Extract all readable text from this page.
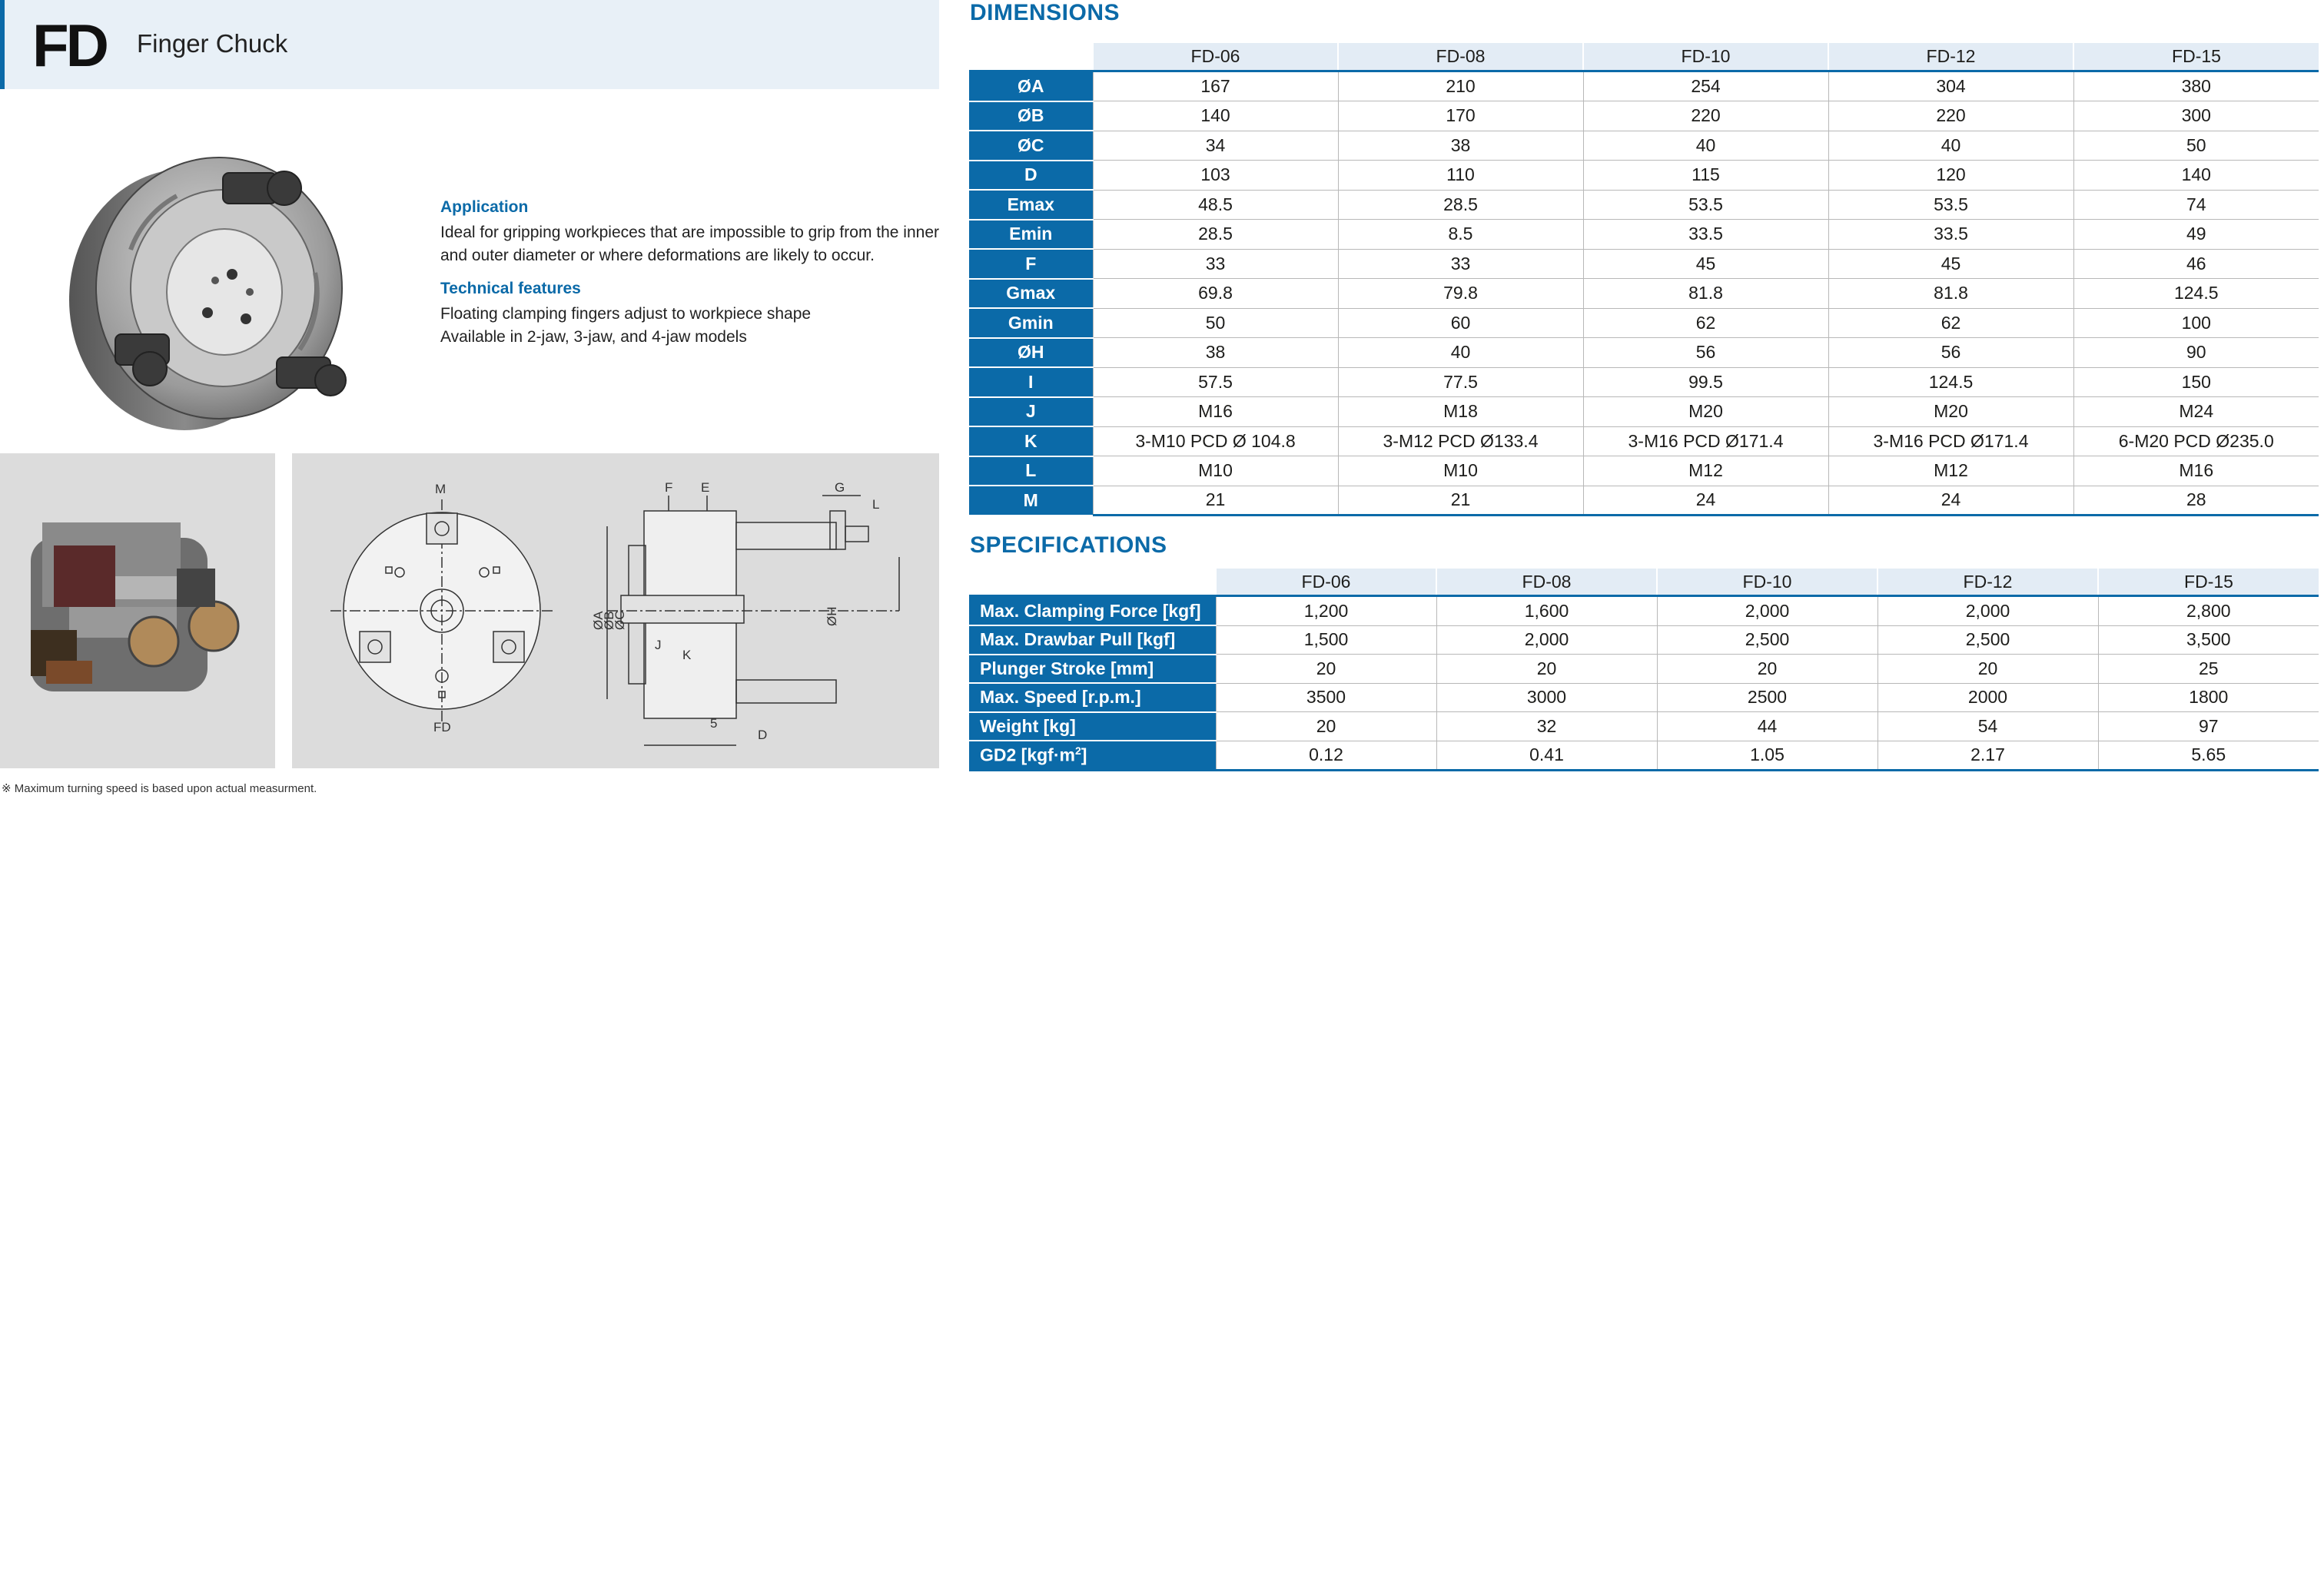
FD Finger Chuck
Application
Ideal for gripping workpieces that are impossible to grip from the inner and outer diameter or where deformations are likely to occur.
Technical features
Floating clamping fingers adjust to workpiece shape
Available in 2-jaw, 3-jaw, and 4-jaw models
M
FD
F E	G
L
ØA
ØB
ØC	ØH
J
K
5
D
※ Maximum turning speed is based upon actual measurment.
DIMENSIONS
	FD-06	FD-08	FD-10	FD-12	FD-15
ØA	167	210	254	304	380
ØB	140	170	220	220	300
ØC	34	38	40	40	50
D	103	110	115	120	140
Emax	48.5	28.5	53.5	53.5	74
Emin	28.5	8.5	33.5	33.5	49
F	33	33	45	45	46
Gmax	69.8	79.8	81.8	81.8	124.5
Gmin	50	60	62	62	100
ØH	38	40	56	56	90
I	57.5	77.5	99.5	124.5	150
J	M16	M18	M20	M20	M24
K	3-M10 PCD Ø 104.8	3-M12 PCD Ø133.4	3-M16 PCD Ø171.4	3-M16 PCD Ø171.4	6-M20 PCD Ø235.0
L	M10	M10	M12	M12	M16
M	21	21	24	24	28
SPECIFICATIONS
	FD-06	FD-08	FD-10	FD-12	FD-15
Max. Clamping Force [kgf]	1,200	1,600	2,000	2,000	2,800
Max. Drawbar Pull [kgf]	1,500	2,000	2,500	2,500	3,500
Plunger Stroke [mm]	20	20	20	20	25
Max. Speed [r.p.m.]	3500	3000	2500	2000	1800
Weight [kg]	20	32	44	54	97
GD2 $[kgf\cdot m^2]$	0.12	0.41	1.05	2.17	5.65
